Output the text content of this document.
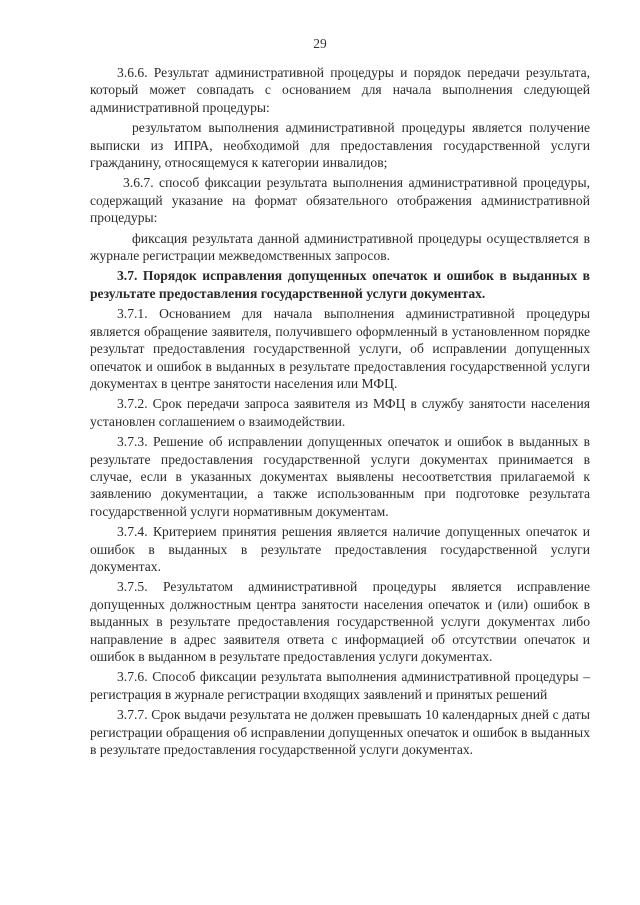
29

3.6.6. Результат административной процедуры и порядок передачи результата, который может совпадать с основанием для начала выполнения следующей административной процедуры:

результатом выполнения административной процедуры является получение выписки из ИПРА, необходимой для предоставления государственной услуги гражданину, относящемуся к категории инвалидов;

3.6.7. способ фиксации результата выполнения административной процедуры, содержащий указание на формат обязательного отображения административной процедуры:

фиксация результата данной административной процедуры осуществляется в журнале регистрации межведомственных запросов.

3.7. Порядок исправления допущенных опечаток и ошибок в выданных в результате предоставления государственной услуги документах.

3.7.1. Основанием для начала выполнения административной процедуры является обращение заявителя, получившего оформленный в установленном порядке результат предоставления государственной услуги, об исправлении допущенных опечаток и ошибок в выданных в результате предоставления государственной услуги документах в центре занятости населения или МФЦ.

3.7.2. Срок передачи запроса заявителя из МФЦ в службу занятости населения установлен соглашением о взаимодействии.

3.7.3. Решение об исправлении допущенных опечаток и ошибок в выданных в результате предоставления государственной услуги документах принимается в случае, если в указанных документах выявлены несоответствия прилагаемой к заявлению документации, а также использованным при подготовке результата государственной услуги нормативным документам.

3.7.4. Критерием принятия решения является наличие допущенных опечаток и ошибок в выданных в результате предоставления государственной услуги документах.

3.7.5. Результатом административной процедуры является исправление допущенных должностным центра занятости населения опечаток и (или) ошибок в выданных в результате предоставления государственной услуги документах либо направление в адрес заявителя ответа с информацией об отсутствии опечаток и ошибок в выданном в результате предоставления услуги документах.

3.7.6. Способ фиксации результата выполнения административной процедуры – регистрация в журнале регистрации входящих заявлений и принятых решений

3.7.7. Срок выдачи результата не должен превышать 10 календарных дней с даты регистрации обращения об исправлении допущенных опечаток и ошибок в выданных в результате предоставления государственной услуги документах.
